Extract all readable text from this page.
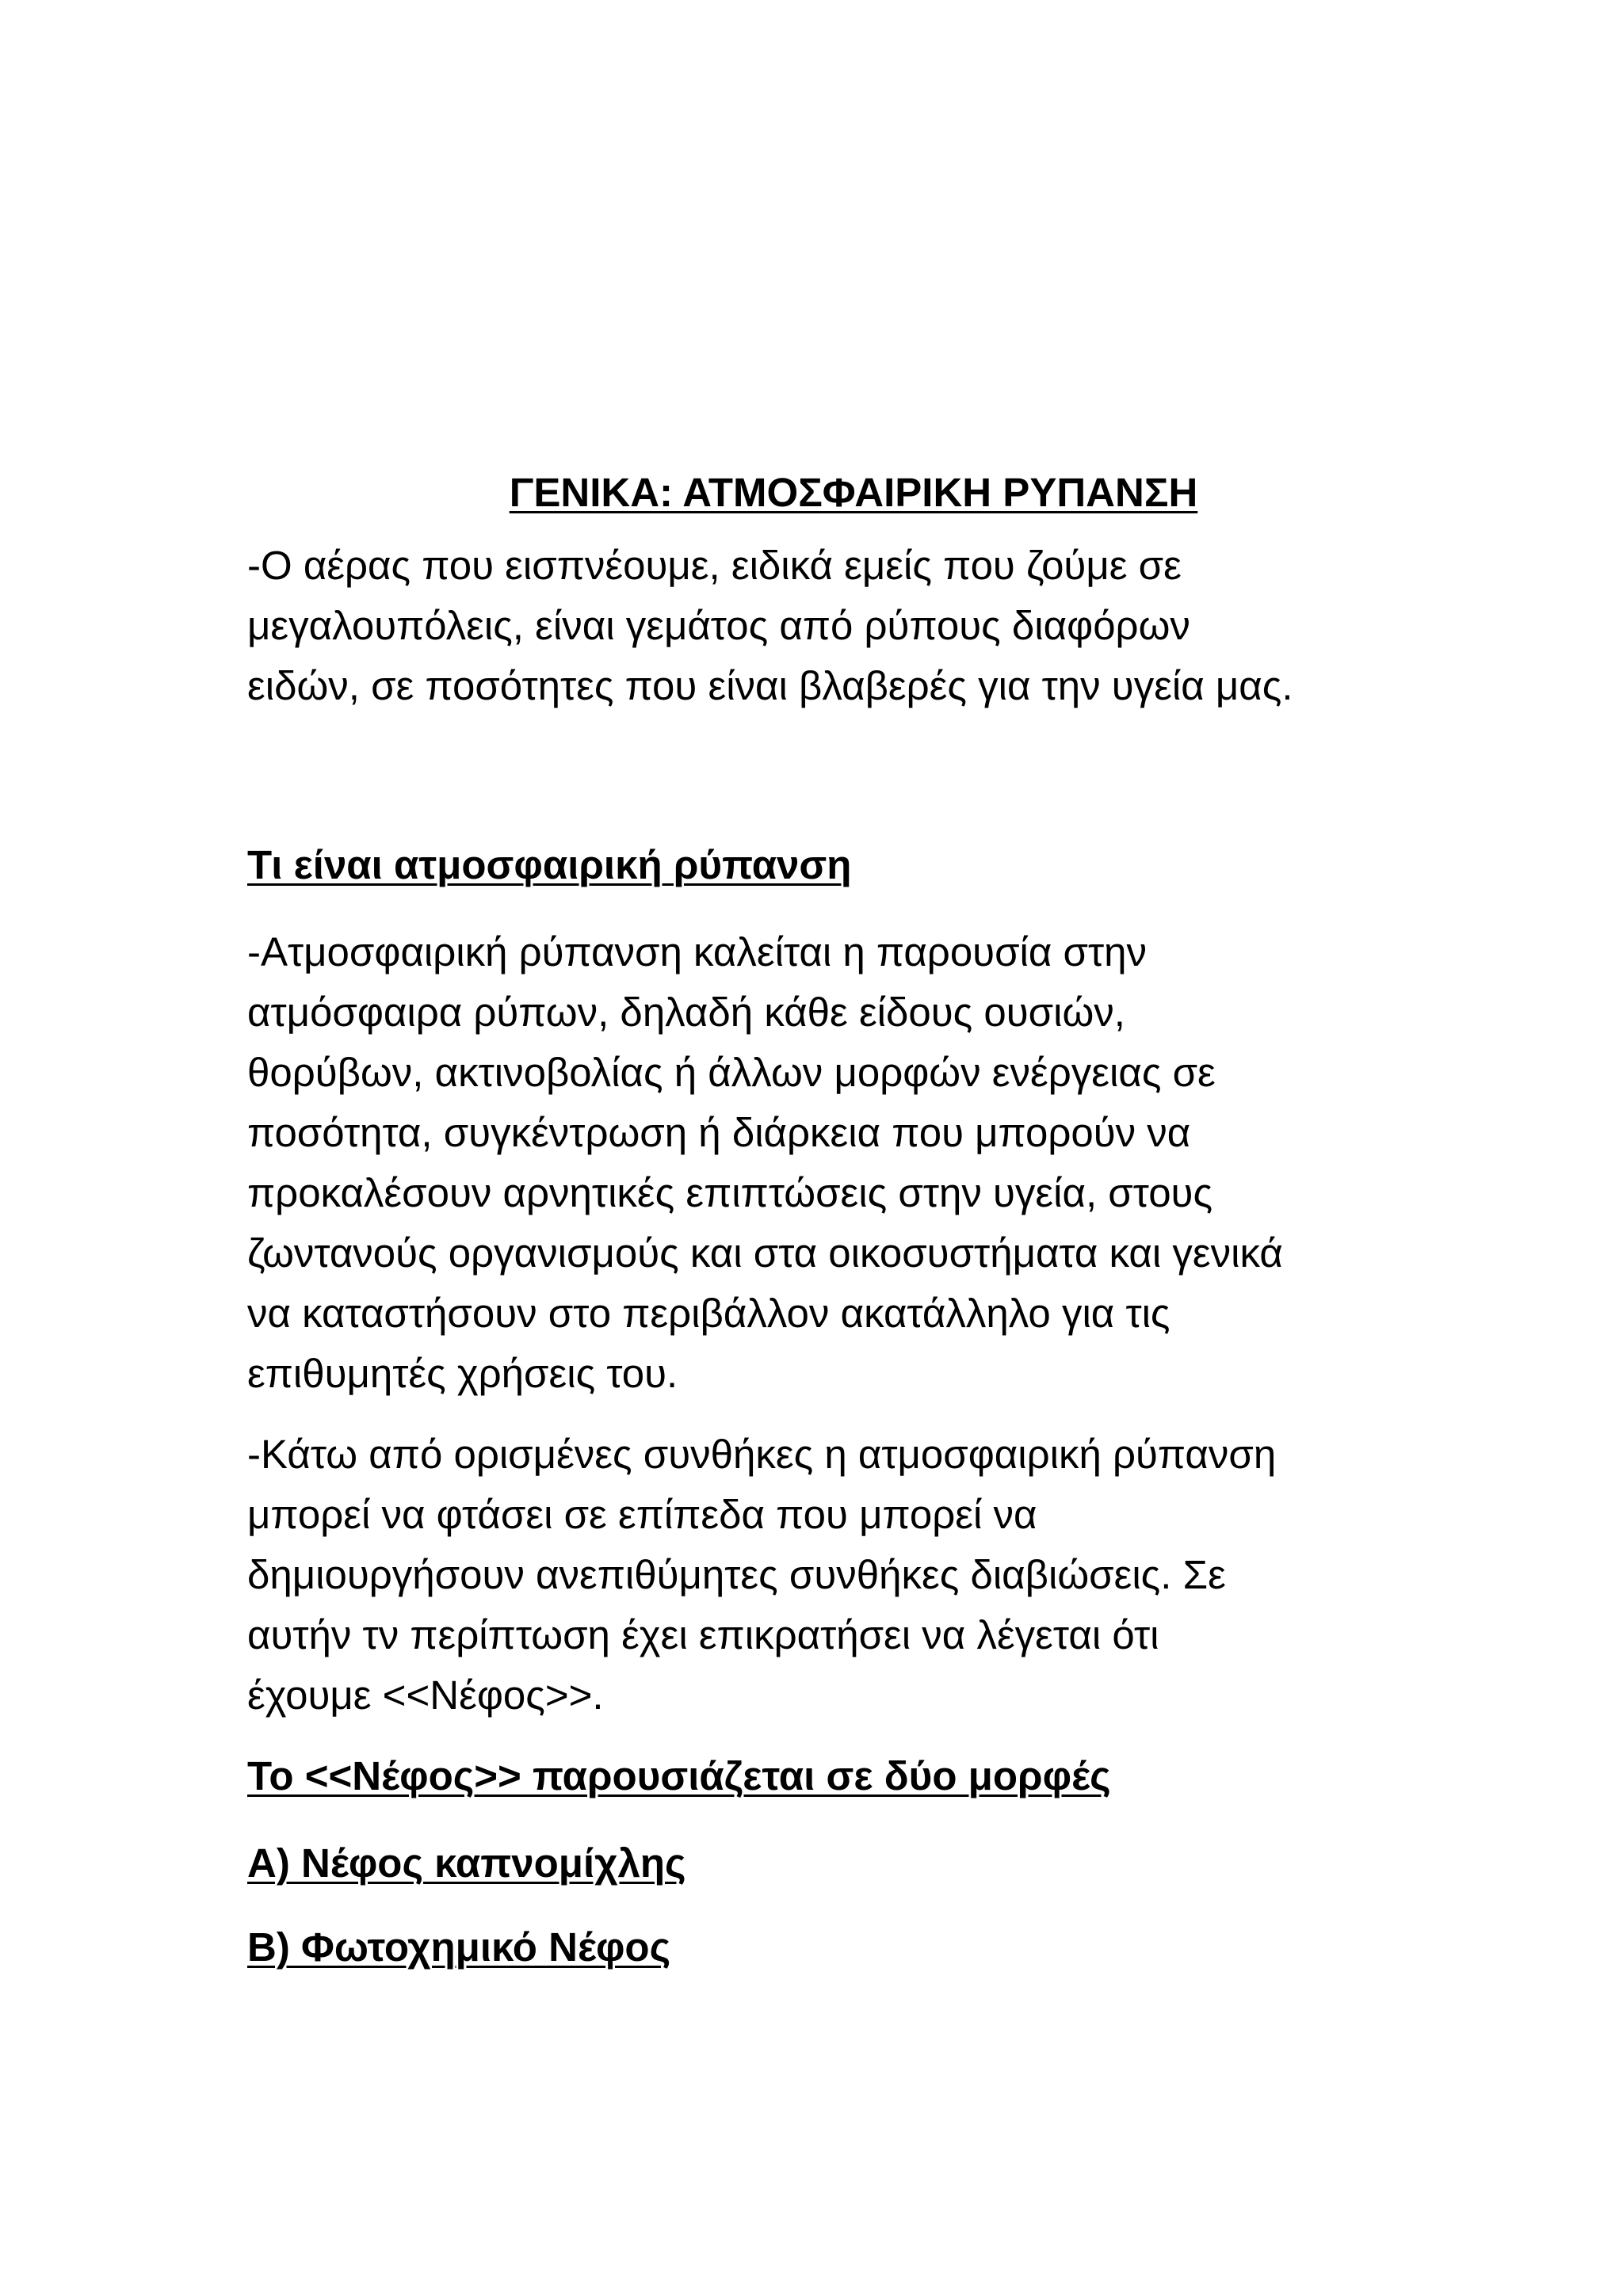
ΓΕΝΙΚΑ: ΑΤΜΟΣΦΑΙΡΙΚΗ ΡΥΠΑΝΣΗ

-Ο αέρας που εισπνέουμε, ειδικά εμείς που ζούμε σε
μεγαλουπόλεις, είναι γεμάτος από ρύπους διαφόρων
ειδών, σε ποσότητες που είναι βλαβερές για την υγεία μας.

Τι είναι ατμοσφαιρική ρύπανση

-Ατμοσφαιρική ρύπανση καλείται η παρουσία στην
ατμόσφαιρα ρύπων, δηλαδή κάθε είδους ουσιών,
θορύβων, ακτινοβολίας ή άλλων μορφών ενέργειας σε
ποσότητα, συγκέντρωση ή διάρκεια που μπορούν να
προκαλέσουν αρνητικές επιπτώσεις στην υγεία, στους
ζωντανούς οργανισμούς και στα οικοσυστήματα και γενικά
να καταστήσουν στο περιβάλλον ακατάλληλο για τις
επιθυμητές χρήσεις του.

-Κάτω από ορισμένες συνθήκες η ατμοσφαιρική ρύπανση
μπορεί να φτάσει σε επίπεδα που μπορεί να
δημιουργήσουν ανεπιθύμητες συνθήκες διαβιώσεις. Σε
αυτήν τν περίπτωση έχει επικρατήσει να λέγεται ότι
έχουμε <<Νέφος>>.

Το <<Νέφος>> παρουσιάζεται σε δύο μορφές
Α) Νέφος καπνομίχλης
Β) Φωτοχημικό Νέφος
